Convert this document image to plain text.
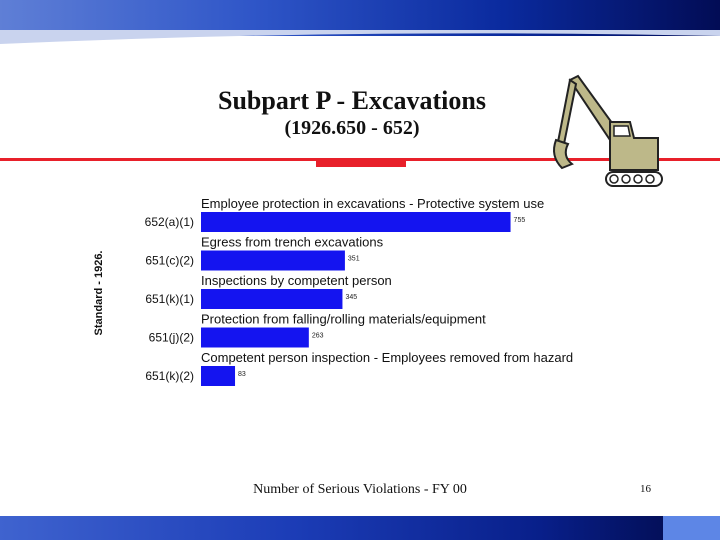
Subpart P - Excavations
(1926.650 - 652)
Standard - 1926.
Employee protection in excavations - Protective system use
652(a)(1)	755
Egress from trench excavations
651(c)(2)	351
Inspections by competent person
651(k)(1)	345
Protection from falling/rolling materials/equipment
651(j)(2)	263
Competent person inspection - Employees removed from hazard
651(k)(2)	83
Number of Serious Violations - FY 00	16
